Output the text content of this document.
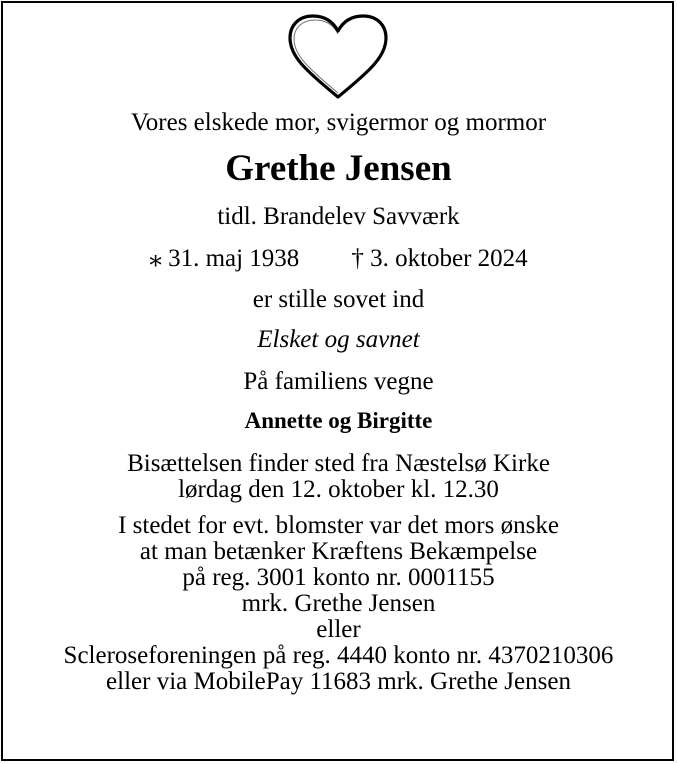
Vores elskede mor, svigermor og mormor
Grethe Jensen
tidl. Brandelev Savværk
⁎ 31. maj 1938 † 3. oktober 2024
er stille sovet ind
Elsket og savnet
På familiens vegne
Annette og Birgitte
Bisættelsen finder sted fra Næstelsø Kirke
lørdag den 12. oktober kl. 12.30
I stedet for evt. blomster var det mors ønske
at man betænker Kræftens Bekæmpelse
på reg. 3001 konto nr. 0001155
mrk. Grethe Jensen
eller
Scleroseforeningen på reg. 4440 konto nr. 4370210306
eller via MobilePay 11683 mrk. Grethe Jensen
